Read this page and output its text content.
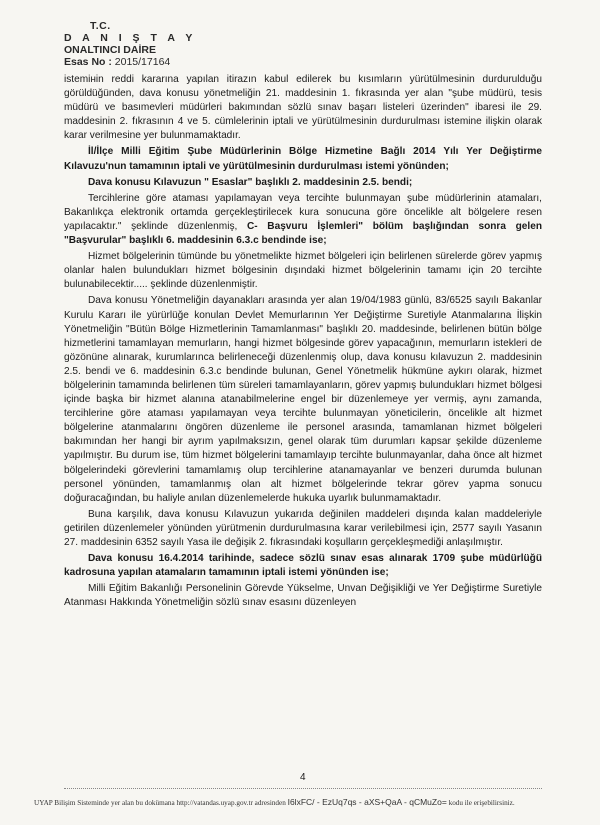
T.C.
D A N I Ş T A Y
ONALTINCI DAİRE
Esas No : 2015/17164

istemінin reddi kararına yapılan itirazın kabul edilerek bu kısımların yürütülmesinin durdurulduğu görüldüğünden, dava konusu yönetmeliğin 21. maddesinin 1. fıkrasında yer alan "şube müdürü, tesis müdürü ve basımevleri müdürleri bakımından sözlü sınav başarı listeleri üzerinden" ibaresi ile 29. maddesinin 2. fıkrasının 4 ve 5. cümlelerinin iptali ve yürütülmesinin durdurulması istemine ilişkin olarak karar verilmesine yer bulunmamaktadır.

İl/İlçe Milli Eğitim Şube Müdürlerinin Bölge Hizmetine Bağlı 2014 Yılı Yer Değiştirme Kılavuzu'nun tamamının iptali ve yürütülmesinin durdurulması istemi yönünden;

Dava konusu Kılavuzun " Esaslar" başlıklı 2. maddesinin 2.5. bendi;

Tercihlerine göre ataması yapılamayan veya tercihte bulunmayan şube müdürlerinin atamaları, Bakanlıkça elektronik ortamda gerçekleştirilecek kura sonucuna göre öncelikle alt bölgelere resen yapılacaktır." şeklinde düzenlenmiş, C- Başvuru İşlemleri" bölüm başlığından sonra gelen "Başvurular" başlıklı 6. maddesinin 6.3.c bendinde ise;

Hizmet bölgelerinin tümünde bu yönetmelikte hizmet bölgeleri için belirlenen sürelerde görev yapmış olanlar halen bulundukları hizmet bölgesinin dışındaki hizmet bölgelerinin tamamı için 20 tercihte bulunabilecektir..... şeklinde düzenlenmiştir.

Dava konusu Yönetmeliğin dayanakları arasında yer alan 19/04/1983 günlü, 83/6525 sayılı Bakanlar Kurulu Kararı ile yürürlüğe konulan Devlet Memurlarının Yer Değiştirme Suretiyle Atanmalarına İlişkin Yönetmeliğin "Bütün Bölge Hizmetlerinin Tamamlanması" başlıklı 20. maddesinde, belirlenen bütün bölge hizmetlerini tamamlayan memurların, hangi hizmet bölgesinde görev yapacağının, memurların istekleri de gözönüne alınarak, kurumlarınca belirleneceği düzenlenmiş olup, dava konusu kılavuzun 2. maddesinin 2.5. bendi ve 6. maddesinin 6.3.c bendinde bulunan, Genel Yönetmelik hükmüne aykırı olarak, hizmet bölgelerinin tamamında belirlenen tüm süreleri tamamlayanların, görev yapmış bulundukları hizmet bölgesi içinde başka bir hizmet alanına atanabilmelerine engel bir düzenlemeye yer vermiş, aynı zamanda, tercihlerine göre ataması yapılamayan veya tercihte bulunmayan yöneticilerin, öncelikle alt hizmet bölgelerine atanmalarını öngören düzenleme ile personel arasında, tamamlanan hizmet bölgeleri bakımından her hangi bir ayrım yapılmaksızın, genel olarak tüm durumları kapsar şekilde düzenleme yapılmıştır. Bu durum ise, tüm hizmet bölgelerini tamamlayıp tercihte bulunmayanlar, daha önce alt hizmet bölgelerindeki görevlerini tamamlamış olup tercihlerine atanamayanlar ve benzeri durumda bulunan personel yönünden, tamamlanmış olan alt hizmet bölgelerinde tekrar görev yapma sonucu doğuracağından, bu haliyle anılan düzenlemelerde hukuka uyarlık bulunmamaktadır.

Buna karşılık, dava konusu Kılavuzun yukarıda değinilen maddeleri dışında kalan maddeleriyle getirilen düzenlemeler yönünden yürütmenin durdurulmasına karar verilebilmesi için, 2577 sayılı Yasanın 27. maddesinin 6352 sayılı Yasa ile değişik 2. fıkrasındaki koşulların gerçekleşmediği anlaşılmıştır.

Dava konusu 16.4.2014 tarihinde, sadece sözlü sınav esas alınarak 1709 şube müdürlüğü kadrosuna yapılan atamaların tamamının iptali istemi yönünden ise;

Milli Eğitim Bakanlığı Personelinin Görevde Yükselme, Unvan Değişikliği ve Yer Değiştirme Suretiyle Atanması Hakkında Yönetmeliğin sözlü sınav esasını düzenleyen

4
UYAP Bilişim Sisteminde yer alan bu dokümana http://vatandas.uyap.gov.tr adresinden I6lxFC/ - EzUq7qs - aXS+QaA - qCMuZo= kodu ile erişebilirsiniz.
